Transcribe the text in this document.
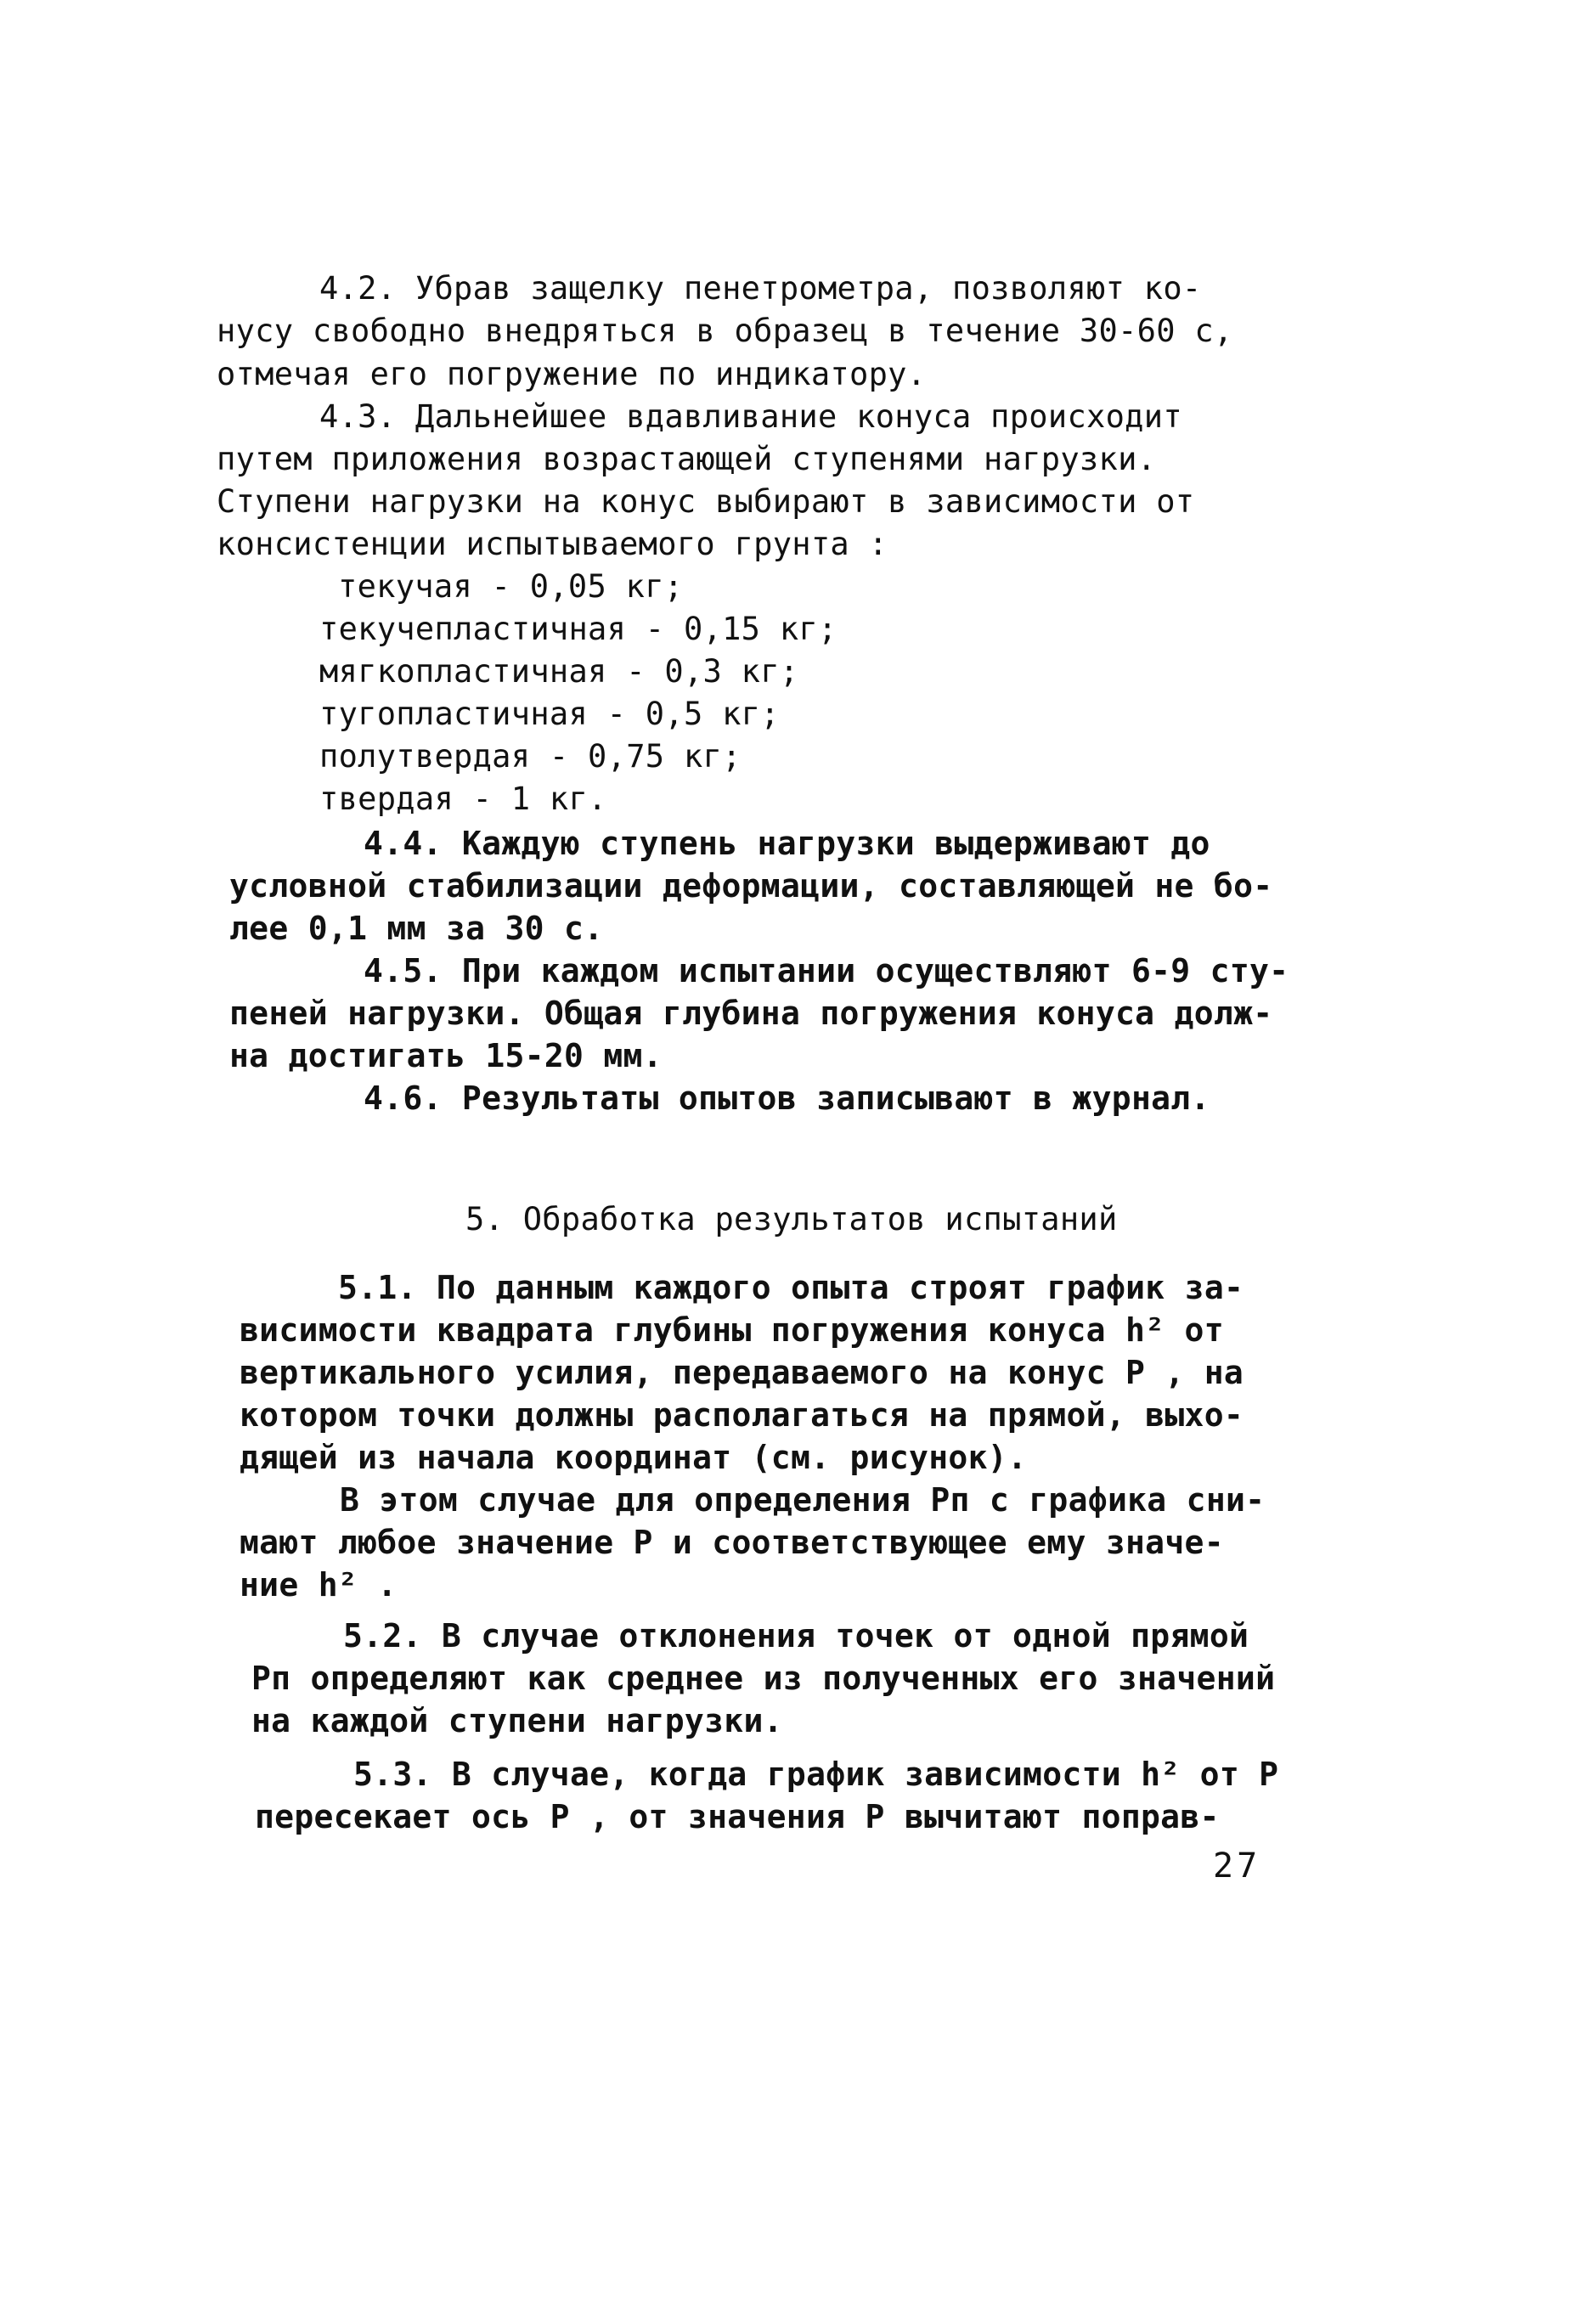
4.2. Убрав защелку пенетрометра, позволяют ко-
нусу свободно внедряться в образец в течение 30-60 с,
отмечая его погружение по индикатору.
4.3. Дальнейшее вдавливание конуса происходит
путем приложения возрастающей ступенями нагрузки.
Ступени нагрузки на конус выбирают в зависимости от
консистенции испытываемого грунта :
текучая - 0,05 кг;
текучепластичная - 0,15 кг;
мягкопластичная - 0,3 кг;
тугопластичная - 0,5 кг;
полутвердая - 0,75 кг;
твердая - 1 кг.
4.4. Каждую ступень нагрузки выдерживают до
условной стабилизации деформации, составляющей не бо-
лее 0,1 мм за 30 с.
4.5. При каждом испытании осуществляют 6-9 сту-
пеней нагрузки. Общая глубина погружения конуса долж-
на достигать 15-20 мм.
4.6. Результаты опытов записывают в журнал.
5. Обработка результатов испытаний
5.1. По данным каждого опыта строят график за-
висимости квадрата глубины погружения конуса h² от
вертикального усилия, передаваемого на конус P , на
котором точки должны располагаться на прямой, выхо-
дящей из начала координат (см. рисунок).
В этом случае для определения Pп с графика сни-
мают любое значение P и соответствующее ему значе-
ние h² .
5.2. В случае отклонения точек от одной прямой
Pп определяют как среднее из полученных его значений
на каждой ступени нагрузки.
5.3. В случае, когда график зависимости h² от P
пересекает ось P , от значения P вычитают поправ-
27
